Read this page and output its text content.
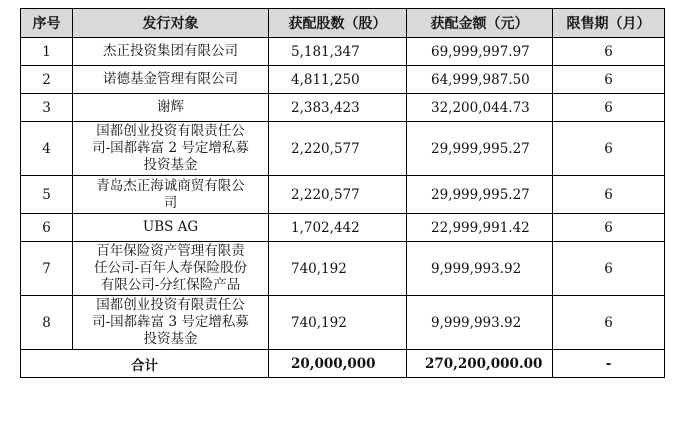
序号	发行对象	获配股数（股）	获配金额（元）	限售期（月）
1	杰正投资集团有限公司	5,181,347	69,999,997.97	6
2	诺德基金管理有限公司	4,811,250	64,999,987.50	6
3	谢辉	2,383,423	32,200,044.73	6
4	国都创业投资有限责任公
司-国都犇富 2 号定增私募
投资基金	2,220,577	29,999,995.27	6
5	青岛杰正海诚商贸有限公
司	2,220,577	29,999,995.27	6
6	UBS AG	1,702,442	22,999,991.42	6
7	百年保险资产管理有限责
任公司-百年人寿保险股份
有限公司-分红保险产品	740,192	9,999,993.92	6
8	国都创业投资有限责任公
司-国都犇富 3 号定增私募
投资基金	740,192	9,999,993.92	6
合计		20,000,000	270,200,000.00	-
